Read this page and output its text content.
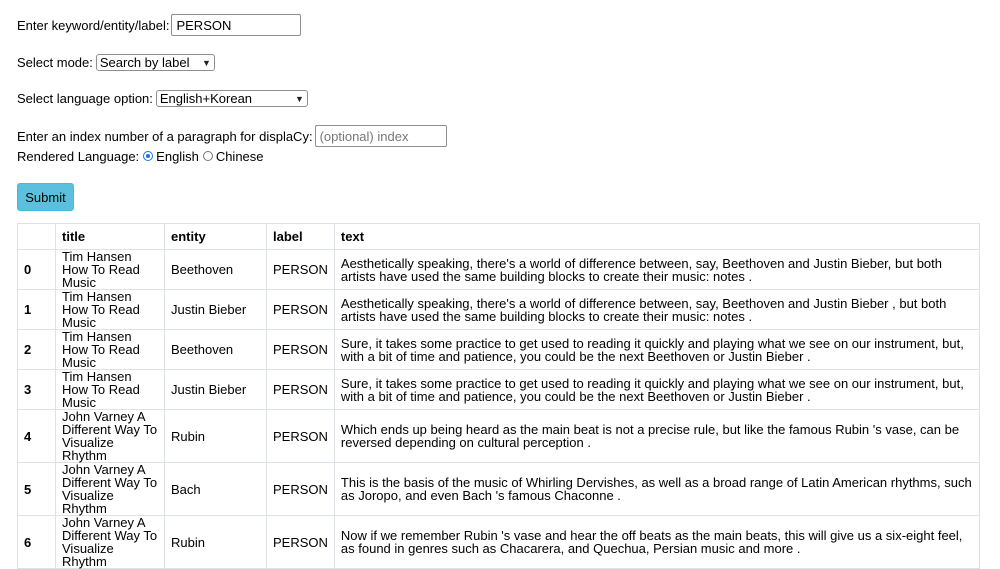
Enter keyword/entity/label:
PERSON
Select mode: Search by label ▼
Select language option: English+Korean	▼
Enter an index number of a paragraph for displaCy:
(optional) index
Rendered Language: English Chinese
Submit
	title	entity	label	text
0	Tim Hansen How To Read Music	Beethoven	PERSON	Aesthetically speaking, there's a world of difference between, say, Beethoven and Justin Bieber, but both artists have used the same building blocks to create their music: notes .
1	Tim Hansen How To Read Music	Justin Bieber	PERSON	Aesthetically speaking, there's a world of difference between, say, Beethoven and Justin Bieber , but both artists have used the same building blocks to create their music: notes .
2	Tim Hansen How To Read Music	Beethoven	PERSON	Sure, it takes some practice to get used to reading it quickly and playing what we see on our instrument, but, with a bit of time and patience, you could be the next Beethoven or Justin Bieber .
3	Tim Hansen How To Read Music	Justin Bieber	PERSON	Sure, it takes some practice to get used to reading it quickly and playing what we see on our instrument, but, with a bit of time and patience, you could be the next Beethoven or Justin Bieber .
4	John Varney A Different Way To Visualize Rhythm	Rubin	PERSON	Which ends up being heard as the main beat is not a precise rule, but like the famous Rubin 's vase, can be reversed depending on cultural perception .
5	John Varney A Different Way To Visualize Rhythm	Bach	PERSON	This is the basis of the music of Whirling Dervishes, as well as a broad range of Latin American rhythms, such as Joropo, and even Bach 's famous Chaconne .
6	John Varney A Different Way To Visualize Rhythm	Rubin	PERSON	Now if we remember Rubin 's vase and hear the off beats as the main beats, this will give us a six-eight feel, as found in genres such as Chacarera, and Quechua, Persian music and more .
